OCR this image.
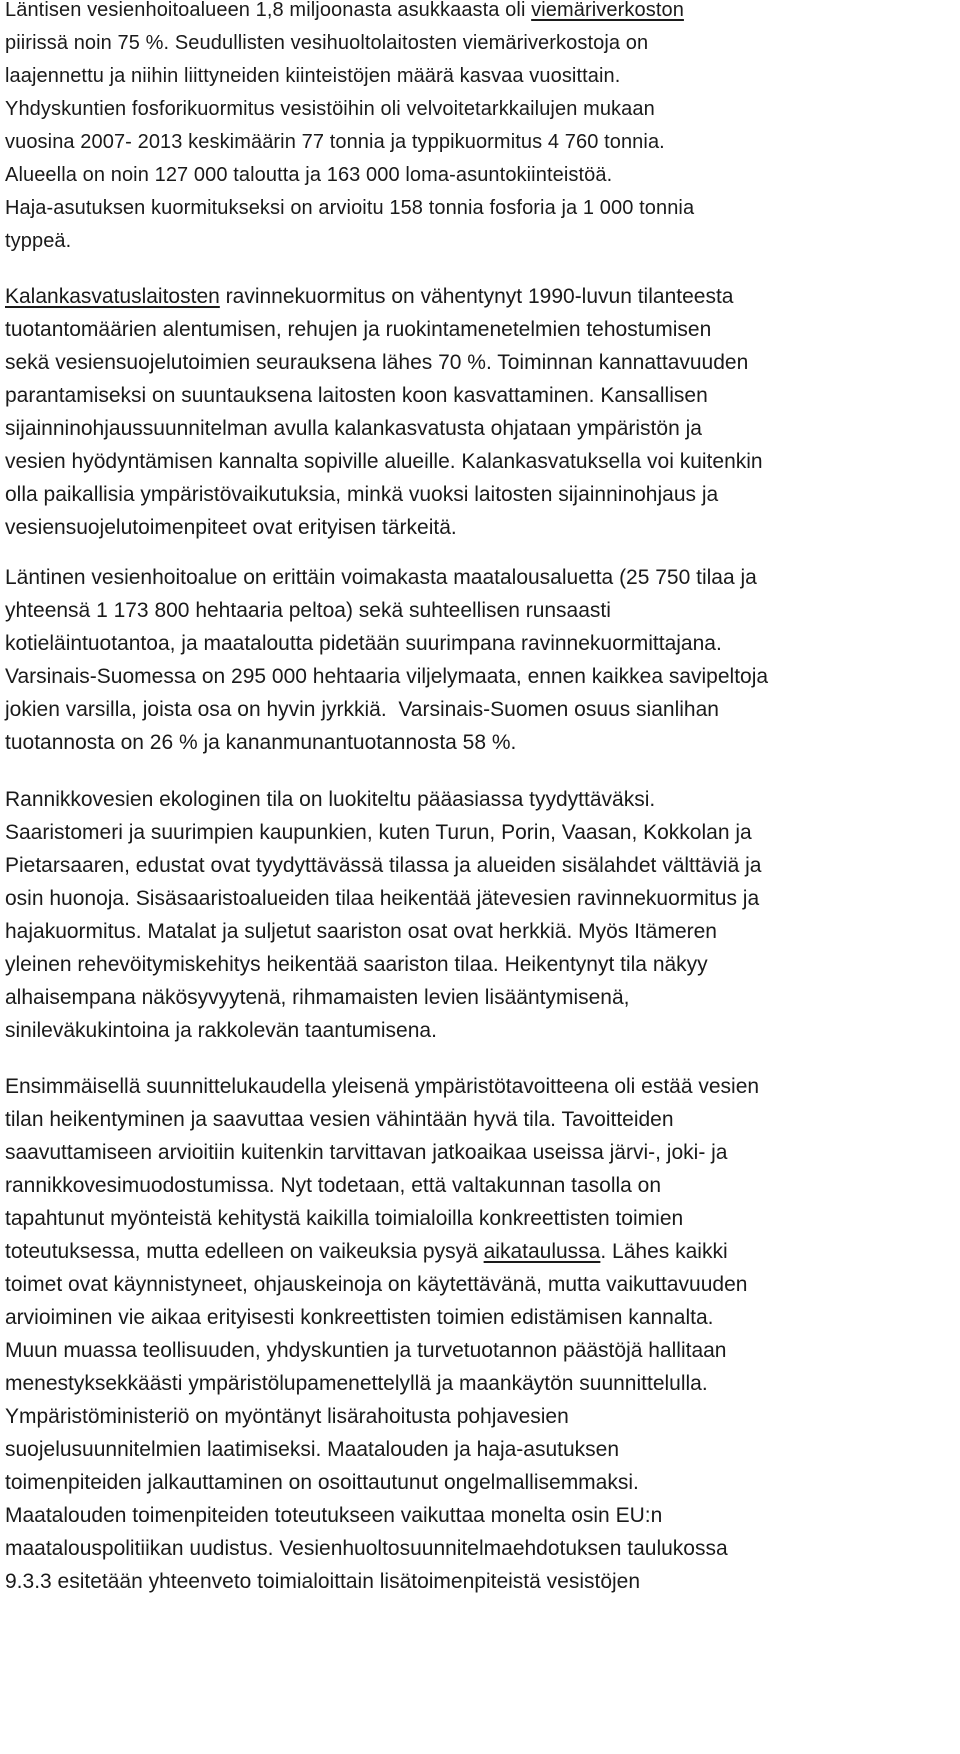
Läntisen vesienhoitoalueen 1,8 miljoonasta asukkaasta oli viemäriverkoston
piirissä noin 75 %. Seudullisten vesihuoltolaitosten viemäriverkostoja on
laajennettu ja niihin liittyneiden kiinteistöjen määrä kasvaa vuosittain.
Yhdyskuntien fosforikuormitus vesistöihin oli velvoitetarkkailujen mukaan
vuosina 2007- 2013 keskimäärin 77 tonnia ja typpikuormitus 4 760 tonnia.
Alueella on noin 127 000 taloutta ja 163 000 loma-asuntokiinteistöä.
Haja-asutuksen kuormitukseksi on arvioitu 158 tonnia fosforia ja 1 000 tonnia
typpeä.

Kalankasvatuslaitosten ravinnekuormitus on vähentynyt 1990-luvun tilanteesta
tuotantomäärien alentumisen, rehujen ja ruokintamenetelmien tehostumisen
sekä vesiensuojelutoimien seurauksena lähes 70 %. Toiminnan kannattavuuden
parantamiseksi on suuntauksena laitosten koon kasvattaminen. Kansallisen
sijainninohjaussuunnitelman avulla kalankasvatusta ohjataan ympäristön ja
vesien hyödyntämisen kannalta sopiville alueille. Kalankasvatuksella voi kuitenkin
olla paikallisia ympäristövaikutuksia, minkä vuoksi laitosten sijainninohjaus ja
vesiensuojelutoimenpiteet ovat erityisen tärkeitä.

Läntinen vesienhoitoalue on erittäin voimakasta maatalousaluetta (25 750 tilaa ja
yhteensä 1 173 800 hehtaaria peltoa) sekä suhteellisen runsaasti
kotieläintuotantoa, ja maataloutta pidetään suurimpana ravinnekuormittajana.
Varsinais-Suomessa on 295 000 hehtaaria viljelymaata, ennen kaikkea savipeltoja
jokien varsilla, joista osa on hyvin jyrkkiä.  Varsinais-Suomen osuus sianlihan
tuotannosta on 26 % ja kananmunantuotannosta 58 %.

Rannikkovesien ekologinen tila on luokiteltu pääasiassa tyydyttäväksi.
Saaristomeri ja suurimpien kaupunkien, kuten Turun, Porin, Vaasan, Kokkolan ja
Pietarsaaren, edustat ovat tyydyttävässä tilassa ja alueiden sisälahdet välttäviä ja
osin huonoja. Sisäsaaristoalueiden tilaa heikentää jätevesien ravinnekuormitus ja
hajakuormitus. Matalat ja suljetut saariston osat ovat herkkiä. Myös Itämeren
yleinen rehevöitymiskehitys heikentää saariston tilaa. Heikentynyt tila näkyy
alhaisempana näkösyvyytenä, rihmamaisten levien lisääntymisenä,
sinileväkukintoina ja rakkolevän taantumisena.

Ensimmäisellä suunnittelukaudella yleisenä ympäristötavoitteena oli estää vesien
tilan heikentyminen ja saavuttaa vesien vähintään hyvä tila. Tavoitteiden
saavuttamiseen arvioitiin kuitenkin tarvittavan jatkoaikaa useissa järvi-, joki- ja
rannikkovesimuodostumissa. Nyt todetaan, että valtakunnan tasolla on
tapahtunut myönteistä kehitystä kaikilla toimialoilla konkreettisten toimien
toteutuksessa, mutta edelleen on vaikeuksia pysyä aikataulussa. Lähes kaikki
toimet ovat käynnistyneet, ohjauskeinoja on käytettävänä, mutta vaikuttavuuden
arvioiminen vie aikaa erityisesti konkreettisten toimien edistämisen kannalta.
Muun muassa teollisuuden, yhdyskuntien ja turvetuotannon päästöjä hallitaan
menestyksekkäästi ympäristölupamenettelyllä ja maankäytön suunnittelulla.
Ympäristöministeriö on myöntänyt lisärahoitusta pohjavesien
suojelusuunnitelmien laatimiseksi. Maatalouden ja haja-asutuksen
toimenpiteiden jalkauttaminen on osoittautunut ongelmallisemmaksi.
Maatalouden toimenpiteiden toteutukseen vaikuttaa monelta osin EU:n
maatalouspolitiikan uudistus. Vesienhuoltosuunnitelmaehdotuksen taulukossa
9.3.3 esitetään yhteenveto toimialoittain lisätoimenpiteistä vesistöjen
